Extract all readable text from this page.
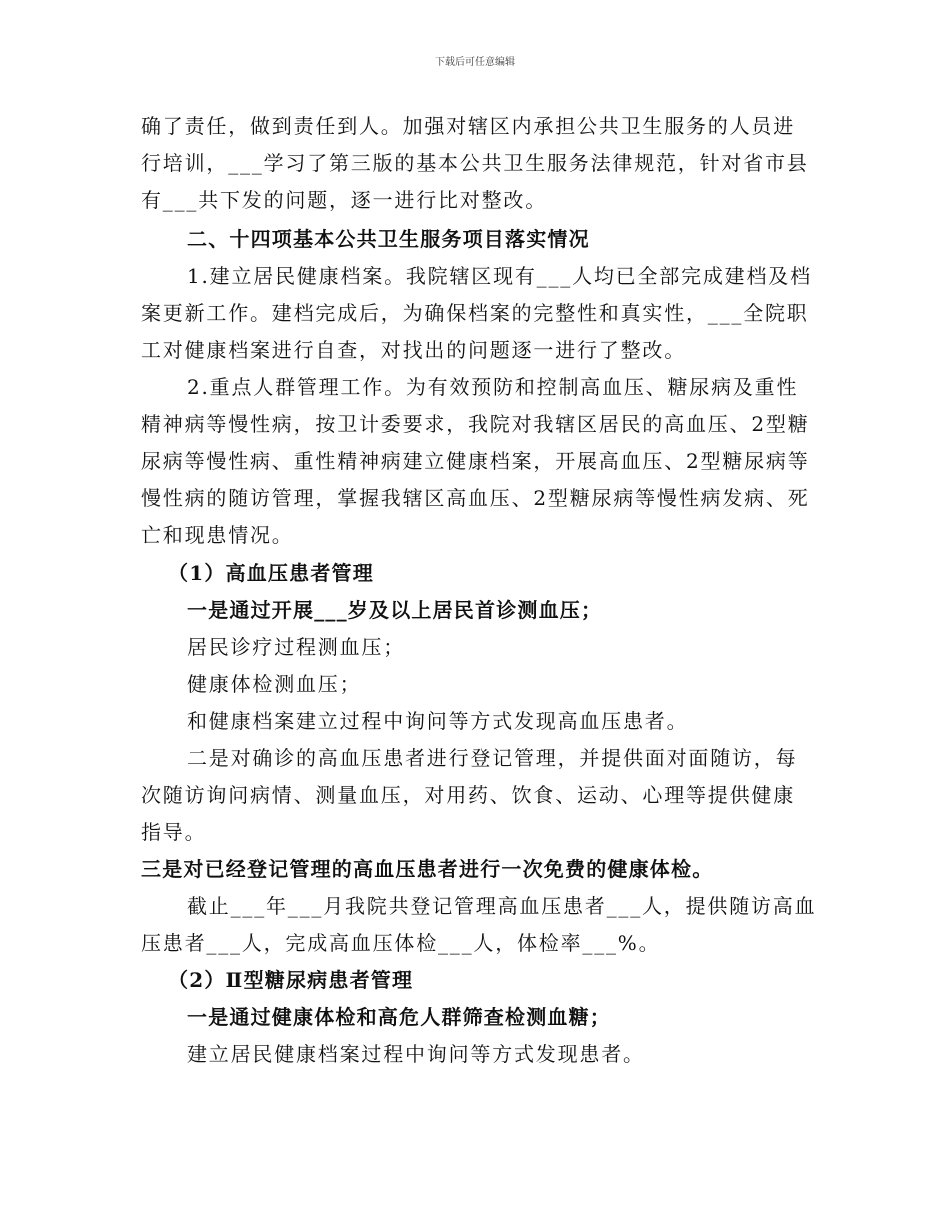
下载后可任意编辑
确了责任，做到责任到人。加强对辖区内承担公共卫生服务的人员进
行培训，___学习了第三版的基本公共卫生服务法律规范，针对省市县
有___共下发的问题，逐一进行比对整改。
二、十四项基本公共卫生服务项目落实情况
1.建立居民健康档案。我院辖区现有___人均已全部完成建档及档
案更新工作。建档完成后，为确保档案的完整性和真实性，___全院职
工对健康档案进行自查，对找出的问题逐一进行了整改。
2.重点人群管理工作。为有效预防和控制高血压、糖尿病及重性
精神病等慢性病，按卫计委要求，我院对我辖区居民的高血压、2型糖
尿病等慢性病、重性精神病建立健康档案，开展高血压、2型糖尿病等
慢性病的随访管理，掌握我辖区高血压、2型糖尿病等慢性病发病、死
亡和现患情况。
（1）高血压患者管理
一是通过开展___岁及以上居民首诊测血压；
居民诊疗过程测血压；
健康体检测血压；
和健康档案建立过程中询问等方式发现高血压患者。
二是对确诊的高血压患者进行登记管理，并提供面对面随访，每
次随访询问病情、测量血压，对用药、饮食、运动、心理等提供健康
指导。
三是对已经登记管理的高血压患者进行一次免费的健康体检。
截止___年___月我院共登记管理高血压患者___人，提供随访高血
压患者___人，完成高血压体检___人，体检率___%。
（2）Ⅱ型糖尿病患者管理
一是通过健康体检和高危人群筛查检测血糖；
建立居民健康档案过程中询问等方式发现患者。
